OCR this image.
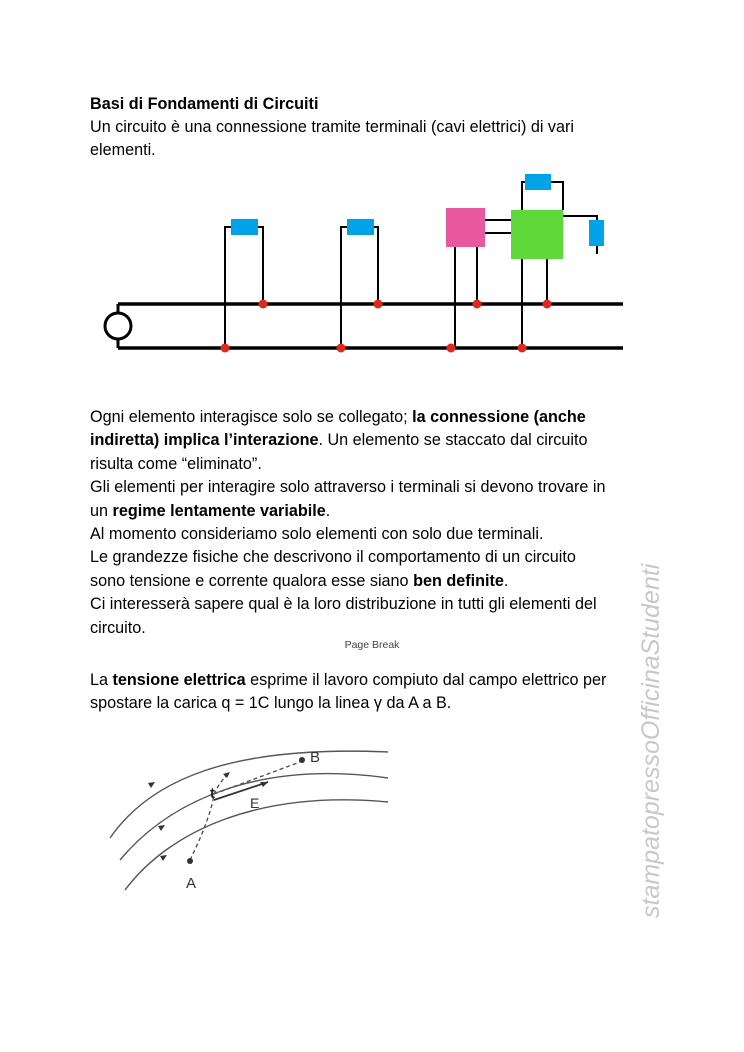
Basi di Fondamenti di Circuiti
Un circuito è una connessione tramite terminali (cavi elettrici) di vari
elementi.
Ogni elemento interagisce solo se collegato; la connessione (anche
indiretta) implica l’interazione. Un elemento se staccato dal circuito
risulta come “eliminato”.
Gli elementi per interagire solo attraverso i terminali si devono trovare in
un regime lentamente variabile.
Al momento consideriamo solo elementi con solo due terminali.
Le grandezze fisiche che descrivono il comportamento di un circuito
sono tensione e corrente qualora esse siano ben definite.
Ci interesserà sapere qual è la loro distribuzione in tutti gli elementi del
circuito.
Page Break
La tensione elettrica esprime il lavoro compiuto dal campo elettrico per
spostare la carica q = 1C lungo la linea γ da A a B.
A
B
t
E	stampatopressoOfficinaStudenti
